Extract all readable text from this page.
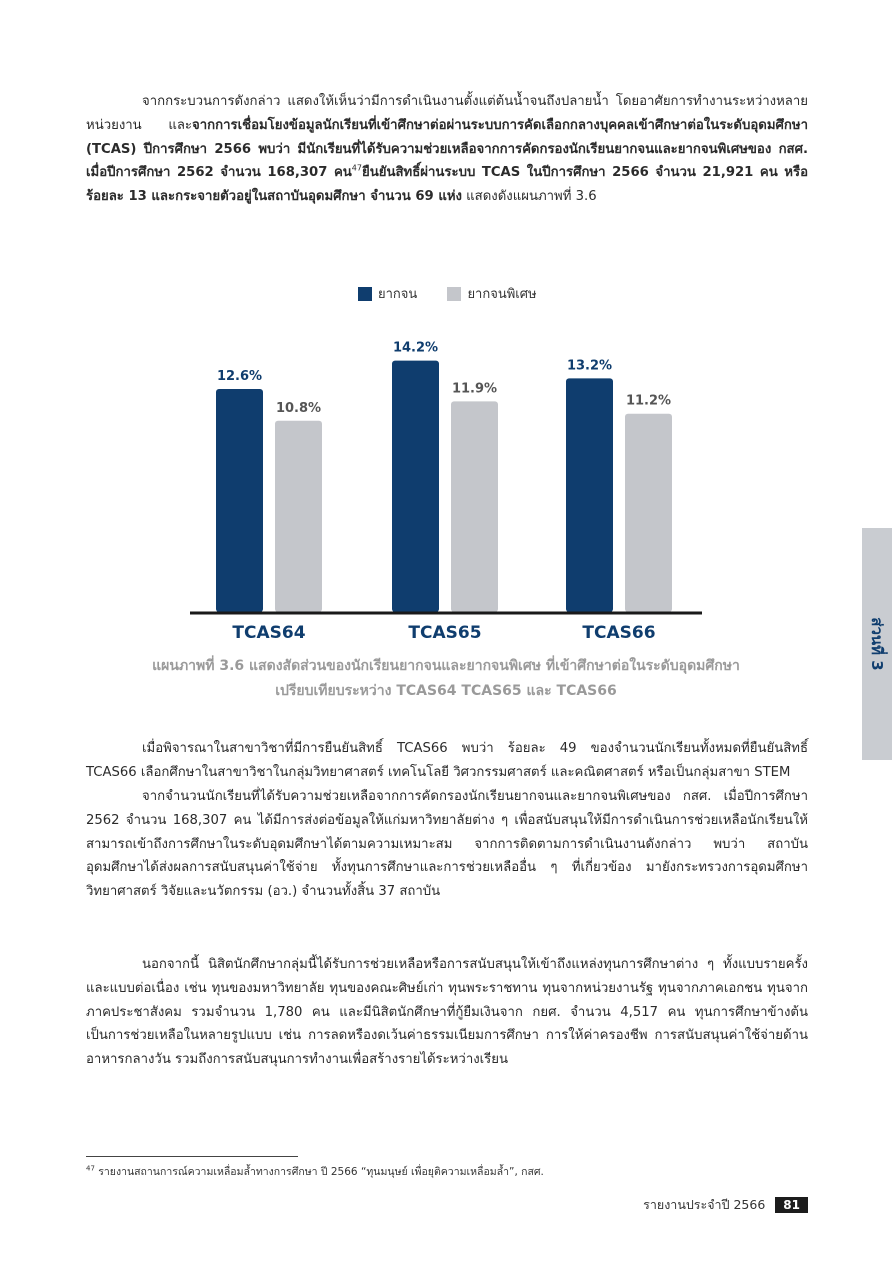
จากกระบวนการดังกล่าว แสดงให้เห็นว่ามีการดำเนินงานตั้งแต่ต้นน้ำจนถึงปลายน้ำ โดยอาศัยการทำงานระหว่างหลายหน่วยงาน และจากการเชื่อมโยงข้อมูลนักเรียนที่เข้าศึกษาต่อผ่านระบบการคัดเลือกกลางบุคคลเข้าศึกษาต่อในระดับอุดมศึกษา (TCAS) ปีการศึกษา 2566 พบว่า มีนักเรียนที่ได้รับความช่วยเหลือจากการคัดกรองนักเรียนยากจนและยากจนพิเศษของ กสศ. เมื่อปีการศึกษา 2562 จำนวน 168,307 คน$^{47}$ยืนยันสิทธิ์ผ่านระบบ TCAS ในปีการศึกษา 2566 จำนวน 21,921 คน หรือร้อยละ 13 และกระจายตัวอยู่ในสถาบันอุดมศึกษา จำนวน 69 แห่ง แสดงดังแผนภาพที่ 3.6

ยากจน
	ยากจนพิเศษ
12.6%
10.8%
TCAS64
14.2%
11.9%
TCAS65
13.2%
11.2%
TCAS66
แผนภาพที่ 3.6 แสดงสัดส่วนของนักเรียนยากจนและยากจนพิเศษ ที่เข้าศึกษาต่อในระดับอุดมศึกษา
เปรียบเทียบระหว่าง TCAS64 TCAS65 และ TCAS66

เมื่อพิจารณาในสาขาวิชาที่มีการยืนยันสิทธิ์ TCAS66 พบว่า ร้อยละ 49 ของจำนวนนักเรียนทั้งหมดที่ยืนยันสิทธิ์ TCAS66 เลือกศึกษาในสาขาวิชาในกลุ่มวิทยาศาสตร์ เทคโนโลยี วิศวกรรมศาสตร์ และคณิตศาสตร์ หรือเป็นกลุ่มสาขา STEM

จากจำนวนนักเรียนที่ได้รับความช่วยเหลือจากการคัดกรองนักเรียนยากจนและยากจนพิเศษของ กสศ. เมื่อปีการศึกษา 2562 จำนวน 168,307 คน ได้มีการส่งต่อข้อมูลให้แก่มหาวิทยาลัยต่าง ๆ เพื่อสนับสนุนให้มีการดำเนินการช่วยเหลือนักเรียนให้สามารถเข้าถึงการศึกษาในระดับอุดมศึกษาได้ตามความเหมาะสม จากการติดตามการดำเนินงานดังกล่าว พบว่า สถาบันอุดมศึกษาได้ส่งผลการสนับสนุนค่าใช้จ่าย ทั้งทุนการศึกษาและการช่วยเหลืออื่น ๆ ที่เกี่ยวข้อง มายังกระทรวงการอุดมศึกษา วิทยาศาสตร์ วิจัยและนวัตกรรม (อว.) จำนวนทั้งสิ้น 37 สถาบัน

นอกจากนี้ นิสิตนักศึกษากลุ่มนี้ได้รับการช่วยเหลือหรือการสนับสนุนให้เข้าถึงแหล่งทุนการศึกษาต่าง ๆ ทั้งแบบรายครั้งและแบบต่อเนื่อง เช่น ทุนของมหาวิทยาลัย ทุนของคณะศิษย์เก่า ทุนพระราชทาน ทุนจากหน่วยงานรัฐ ทุนจากภาคเอกชน ทุนจากภาคประชาสังคม รวมจำนวน 1,780 คน และมีนิสิตนักศึกษาที่กู้ยืมเงินจาก กยศ. จำนวน 4,517 คน ทุนการศึกษาข้างต้น เป็นการช่วยเหลือในหลายรูปแบบ เช่น การลดหรืองดเว้นค่าธรรมเนียมการศึกษา การให้ค่าครองชีพ การสนับสนุนค่าใช้จ่ายด้านอาหารกลางวัน รวมถึงการสนับสนุนการทำงานเพื่อสร้างรายได้ระหว่างเรียน

ส่วนที่ 3
$^{47}$ รายงานสถานการณ์ความเหลื่อมล้ำทางการศึกษา ปี 2566 “ทุนมนุษย์ เพื่อยุติความเหลื่อมล้ำ”, กสศ.
รายงานประจำปี 2566	81
